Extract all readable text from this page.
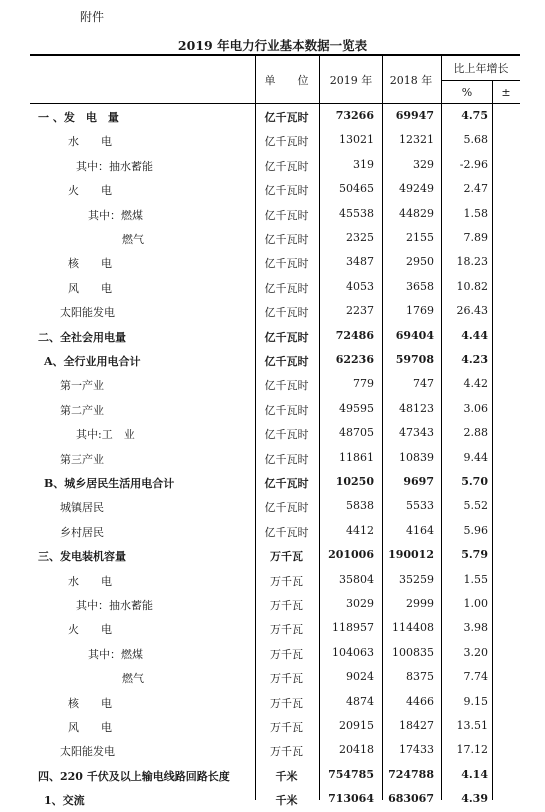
附件
2019 年电力行业基本数据一览表
单　　位	2019 年	2018 年
比上年增长
%	±
一 、发　电　量	亿千瓦时	73266	69947	4.75
水　　电	亿千瓦时	13021	12321	5.68
其中：抽水蓄能	亿千瓦时	319	329	-2.96
火　　电	亿千瓦时	50465	49249	2.47
其中：燃煤	亿千瓦时	45538	44829	1.58
燃气	亿千瓦时	2325	2155	7.89
核　　电	亿千瓦时	3487	2950	18.23
风　　电	亿千瓦时	4053	3658	10.82
太阳能发电	亿千瓦时	2237	1769	26.43
二、全社会用电量	亿千瓦时	72486	69404	4.44
A、全行业用电合计	亿千瓦时	62236	59708	4.23
第一产业	亿千瓦时	779	747	4.42
第二产业	亿千瓦时	49595	48123	3.06
其中:工　业	亿千瓦时	48705	47343	2.88
第三产业	亿千瓦时	11861	10839	9.44
B、城乡居民生活用电合计	亿千瓦时	10250	9697	5.70
城镇居民	亿千瓦时	5838	5533	5.52
乡村居民	亿千瓦时	4412	4164	5.96
三、发电装机容量	万千瓦	201006	190012	5.79
水　　电	万千瓦	35804	35259	1.55
其中：抽水蓄能	万千瓦	3029	2999	1.00
火　　电	万千瓦	118957	114408	3.98
其中：燃煤	万千瓦	104063	100835	3.20
燃气	万千瓦	9024	8375	7.74
核　　电	万千瓦	4874	4466	9.15
风　　电	万千瓦	20915	18427	13.51
太阳能发电	万千瓦	20418	17433	17.12
四、220 千伏及以上输电线路回路长度	千米	754785	724788	4.14
1、交流	千米	713064	683067	4.39
